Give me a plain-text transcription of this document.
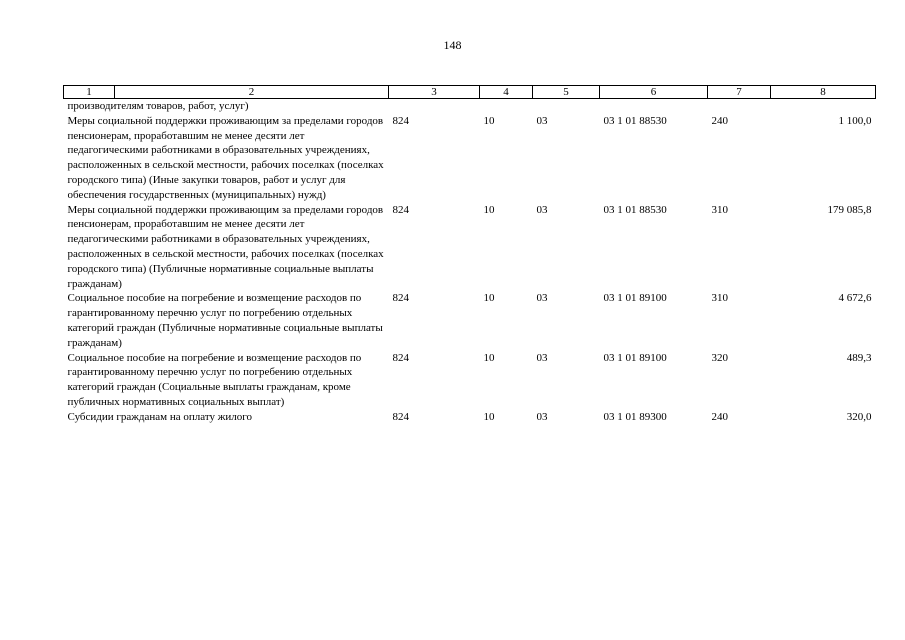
148
1	2	3	4	5	6	7	8
производителям товаров, работ, услуг)							
Меры социальной поддержки проживающим за пределами городов пенсионерам, проработавшим не менее десяти лет педагогическими работниками в образовательных учреждениях, расположенных в сельской местности, рабочих поселках (поселках городского типа) (Иные закупки товаров, работ и услуг для обеспечения государственных (муниципальных) нужд)		824	10	03	03 1 01 88530	240	1 100,0
Меры социальной поддержки проживающим за пределами городов пенсионерам, проработавшим не менее десяти лет педагогическими работниками в образовательных учреждениях, расположенных в сельской местности, рабочих поселках (поселках городского типа) (Публичные нормативные социальные выплаты гражданам)		824	10	03	03 1 01 88530	310	179 085,8
Социальное пособие на погребение и возмещение расходов по гарантированному перечню услуг по погребению отдельных категорий граждан (Публичные нормативные социальные выплаты гражданам)		824	10	03	03 1 01 89100	310	4 672,6
Социальное пособие на погребение и возмещение расходов по гарантированному перечню услуг по погребению отдельных категорий граждан (Социальные выплаты гражданам, кроме публичных нормативных социальных выплат)		824	10	03	03 1 01 89100	320	489,3
Субсидии гражданам на оплату жилого		824	10	03	03 1 01 89300	240	320,0
